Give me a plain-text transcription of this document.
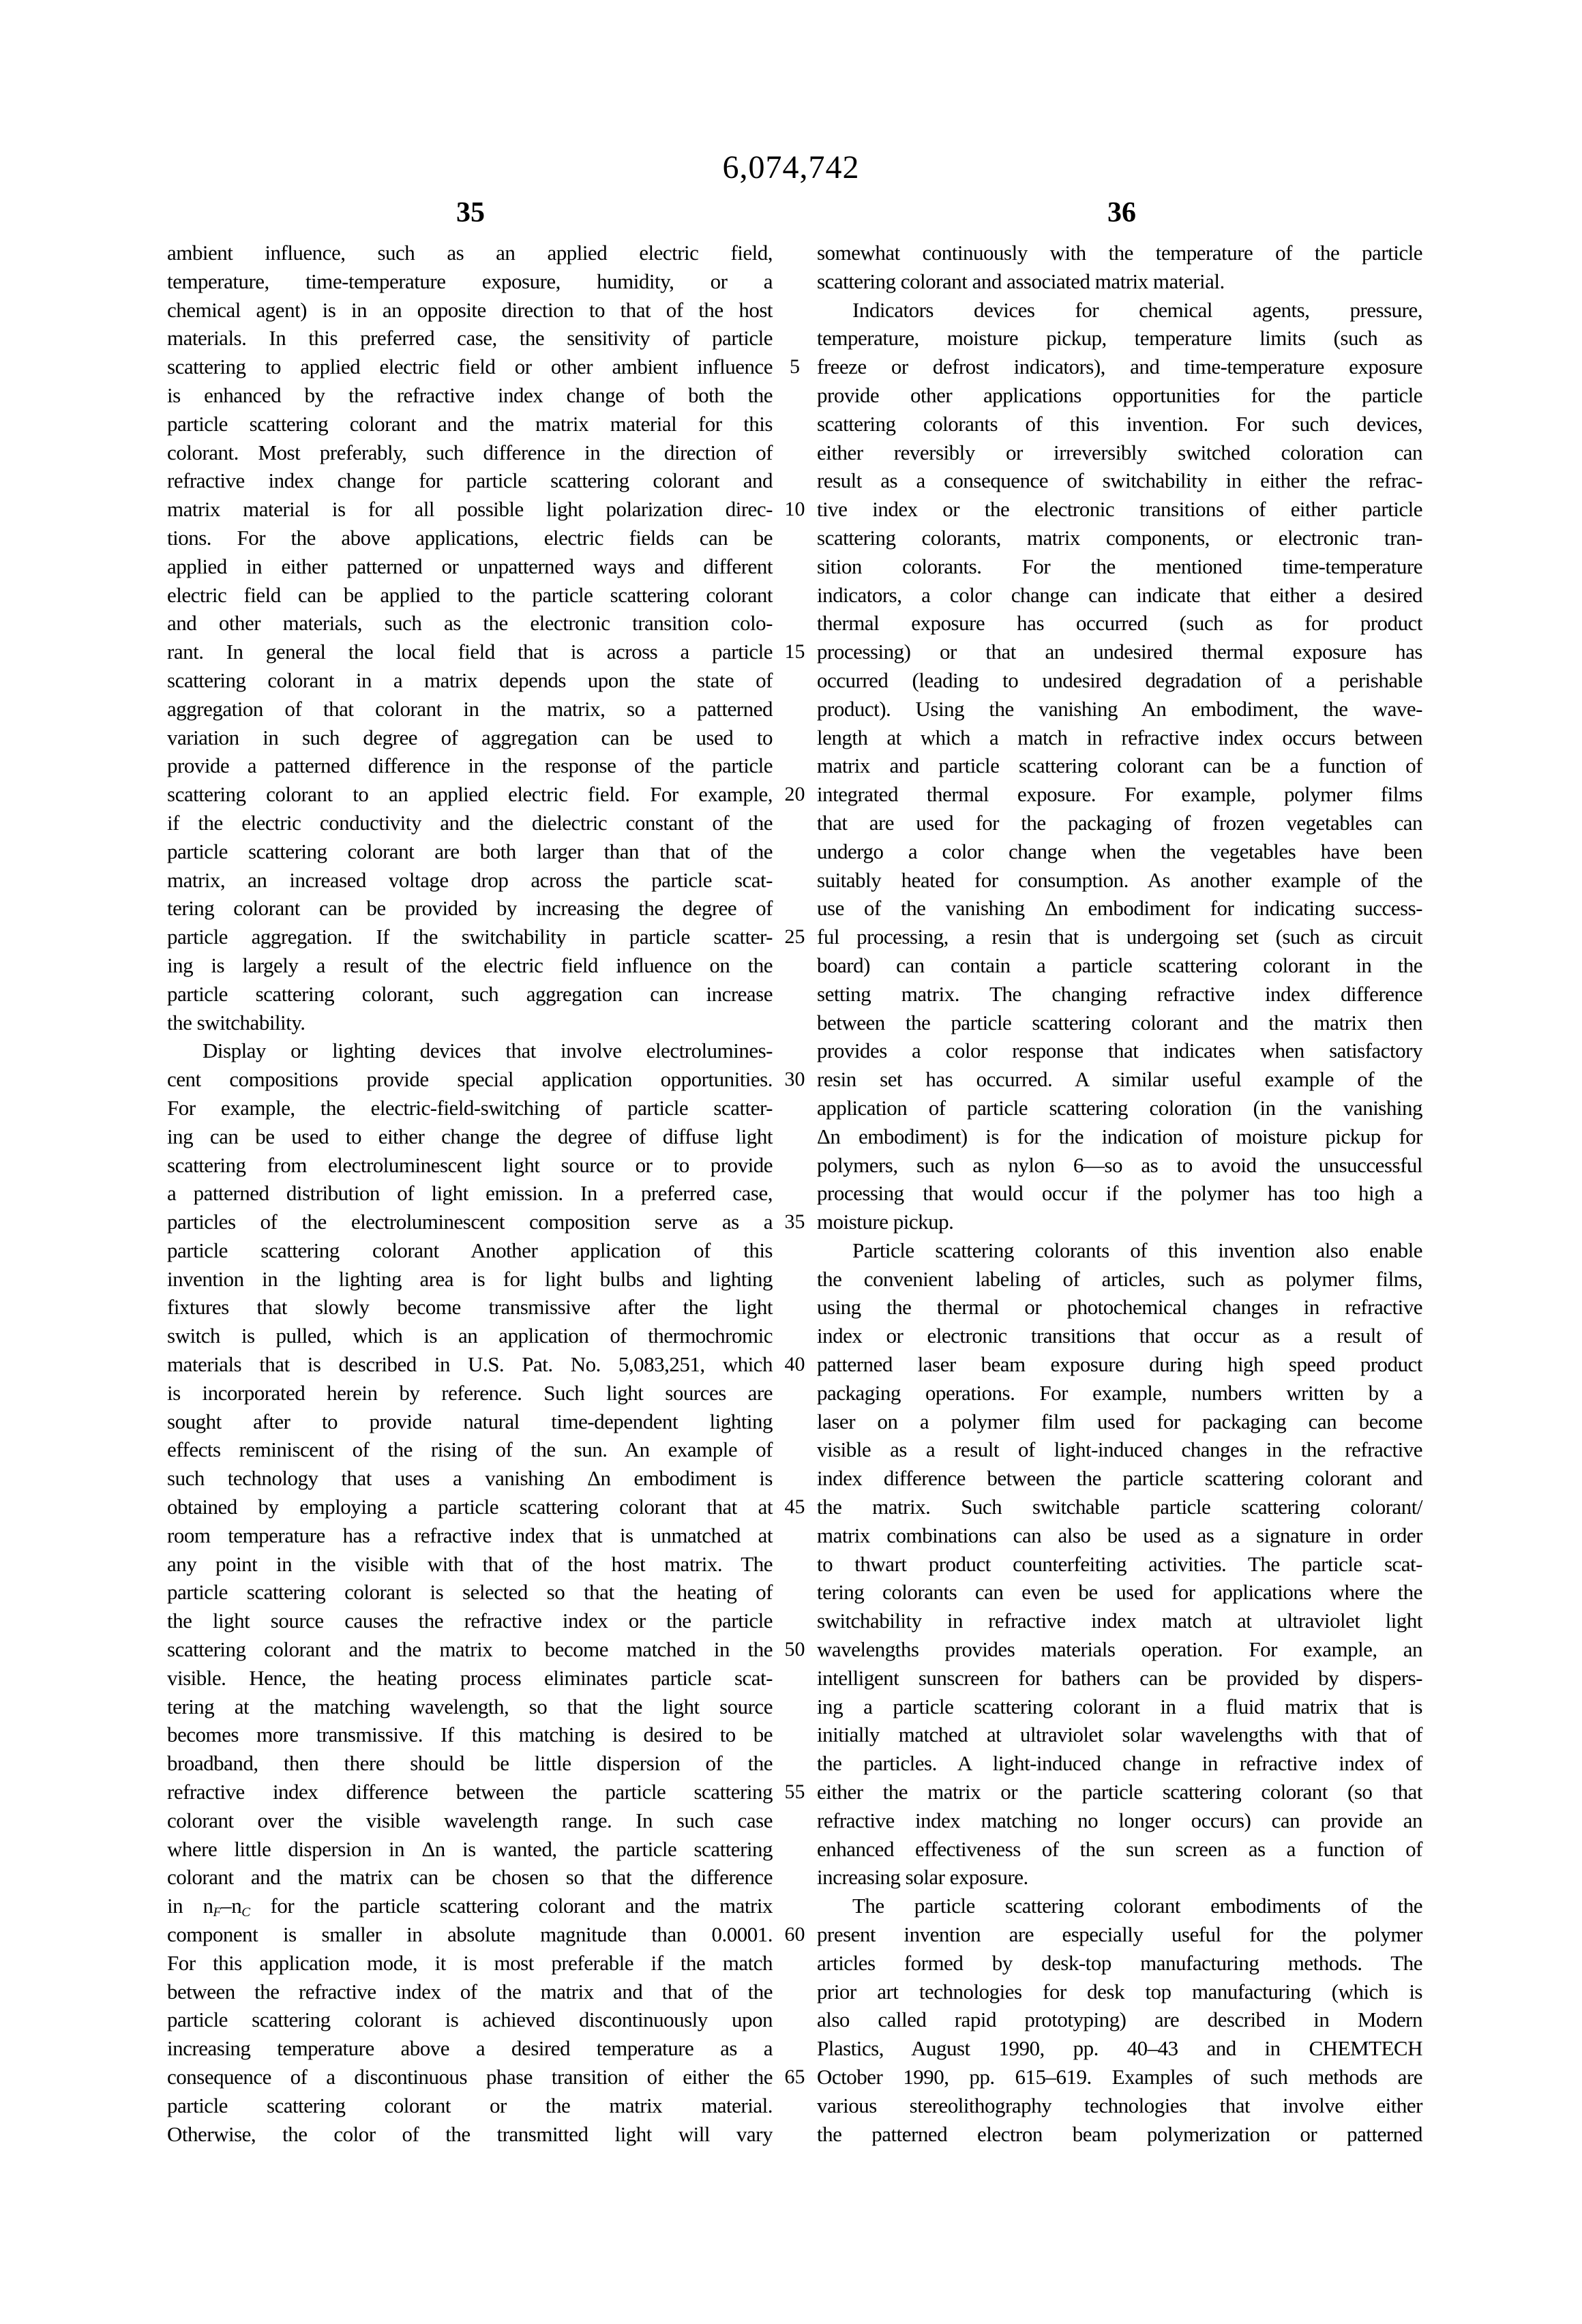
6,074,742
35	36
ambient influence, such as an applied electric field,
temperature, time-temperature exposure, humidity, or a
chemical agent) is in an opposite direction to that of the host
materials. In this preferred case, the sensitivity of particle
scattering to applied electric field or other ambient influence
is enhanced by the refractive index change of both the
particle scattering colorant and the matrix material for this
colorant. Most preferably, such difference in the direction of
refractive index change for particle scattering colorant and
matrix material is for all possible light polarization direc-
tions. For the above applications, electric fields can be
applied in either patterned or unpatterned ways and different
electric field can be applied to the particle scattering colorant
and other materials, such as the electronic transition colo-
rant. In general the local field that is across a particle
scattering colorant in a matrix depends upon the state of
aggregation of that colorant in the matrix, so a patterned
variation in such degree of aggregation can be used to
provide a patterned difference in the response of the particle
scattering colorant to an applied electric field. For example,
if the electric conductivity and the dielectric constant of the
particle scattering colorant are both larger than that of the
matrix, an increased voltage drop across the particle scat-
tering colorant can be provided by increasing the degree of
particle aggregation. If the switchability in particle scatter-
ing is largely a result of the electric field influence on the
particle scattering colorant, such aggregation can increase
the switchability.
Display or lighting devices that involve electrolumines-
cent compositions provide special application opportunities.
For example, the electric-field-switching of particle scatter-
ing can be used to either change the degree of diffuse light
scattering from electroluminescent light source or to provide
a patterned distribution of light emission. In a preferred case,
particles of the electroluminescent composition serve as a
particle scattering colorant Another application of this
invention in the lighting area is for light bulbs and lighting
fixtures that slowly become transmissive after the light
switch is pulled, which is an application of thermochromic
materials that is described in U.S. Pat. No. 5,083,251, which
is incorporated herein by reference. Such light sources are
sought after to provide natural time-dependent lighting
effects reminiscent of the rising of the sun. An example of
such technology that uses a vanishing Δn embodiment is
obtained by employing a particle scattering colorant that at
room temperature has a refractive index that is unmatched at
any point in the visible with that of the host matrix. The
particle scattering colorant is selected so that the heating of
the light source causes the refractive index or the particle
scattering colorant and the matrix to become matched in the
visible. Hence, the heating process eliminates particle scat-
tering at the matching wavelength, so that the light source
becomes more transmissive. If this matching is desired to be
broadband, then there should be little dispersion of the
refractive index difference between the particle scattering
colorant over the visible wavelength range. In such case
where little dispersion in Δn is wanted, the particle scattering
colorant and the matrix can be chosen so that the difference
in $n_F-n_C$ for the particle scattering colorant and the matrix
component is smaller in absolute magnitude than 0.0001.
For this application mode, it is most preferable if the match
between the refractive index of the matrix and that of the
particle scattering colorant is achieved discontinuously upon
increasing temperature above a desired temperature as a
consequence of a discontinuous phase transition of either the
particle scattering colorant or the matrix material.
Otherwise, the color of the transmitted light will vary
somewhat continuously with the temperature of the particle
scattering colorant and associated matrix material.
Indicators devices for chemical agents, pressure,
temperature, moisture pickup, temperature limits (such as
freeze or defrost indicators), and time-temperature exposure
provide other applications opportunities for the particle
scattering colorants of this invention. For such devices,
either reversibly or irreversibly switched coloration can
result as a consequence of switchability in either the refrac-
tive index or the electronic transitions of either particle
scattering colorants, matrix components, or electronic tran-
sition colorants. For the mentioned time-temperature
indicators, a color change can indicate that either a desired
thermal exposure has occurred (such as for product
processing) or that an undesired thermal exposure has
occurred (leading to undesired degradation of a perishable
product). Using the vanishing An embodiment, the wave-
length at which a match in refractive index occurs between
matrix and particle scattering colorant can be a function of
integrated thermal exposure. For example, polymer films
that are used for the packaging of frozen vegetables can
undergo a color change when the vegetables have been
suitably heated for consumption. As another example of the
use of the vanishing Δn embodiment for indicating success-
ful processing, a resin that is undergoing set (such as circuit
board) can contain a particle scattering colorant in the
setting matrix. The changing refractive index difference
between the particle scattering colorant and the matrix then
provides a color response that indicates when satisfactory
resin set has occurred. A similar useful example of the
application of particle scattering coloration (in the vanishing
Δn embodiment) is for the indication of moisture pickup for
polymers, such as nylon 6—so as to avoid the unsuccessful
processing that would occur if the polymer has too high a
moisture pickup.
Particle scattering colorants of this invention also enable
the convenient labeling of articles, such as polymer films,
using the thermal or photochemical changes in refractive
index or electronic transitions that occur as a result of
patterned laser beam exposure during high speed product
packaging operations. For example, numbers written by a
laser on a polymer film used for packaging can become
visible as a result of light-induced changes in the refractive
index difference between the particle scattering colorant and
the matrix. Such switchable particle scattering colorant/
matrix combinations can also be used as a signature in order
to thwart product counterfeiting activities. The particle scat-
tering colorants can even be used for applications where the
switchability in refractive index match at ultraviolet light
wavelengths provides materials operation. For example, an
intelligent sunscreen for bathers can be provided by dispers-
ing a particle scattering colorant in a fluid matrix that is
initially matched at ultraviolet solar wavelengths with that of
the particles. A light-induced change in refractive index of
either the matrix or the particle scattering colorant (so that
refractive index matching no longer occurs) can provide an
enhanced effectiveness of the sun screen as a function of
increasing solar exposure.
The particle scattering colorant embodiments of the
present invention are especially useful for the polymer
articles formed by desk-top manufacturing methods. The
prior art technologies for desk top manufacturing (which is
also called rapid prototyping) are described in Modern
Plastics, August 1990, pp. 40–43 and in CHEMTECH
October 1990, pp. 615–619. Examples of such methods are
various stereolithography technologies that involve either
the patterned electron beam polymerization or patterned
5
10
15
20
25
30
35
40
45
50
55
60
65
